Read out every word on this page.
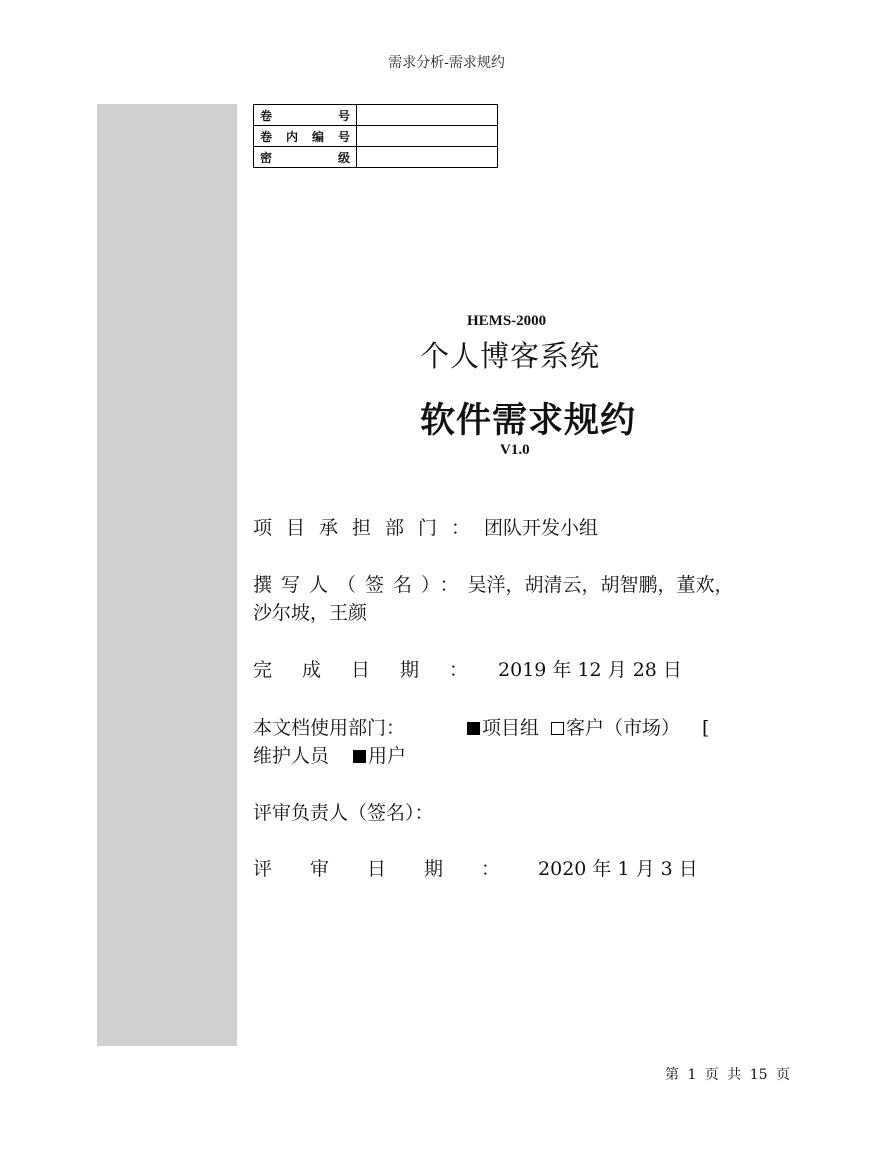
需求分析-需求规约
卷号	
卷内编号	
密级	
HEMS-2000
个人博客系统
软件需求规约
V1.0
项目承担部门：团队开发小组
撰写人（签名）：吴洋，胡清云，胡智鹏，董欢，
沙尔坡，王颜
完成日期：2019 年 12 月 28 日
本文档使用部门：	项目组 客户（市场） [
维护人员 用户
评审负责人（签名）：
评审日期：2020 年 1 月 3 日
第 1 页 共 15 页
